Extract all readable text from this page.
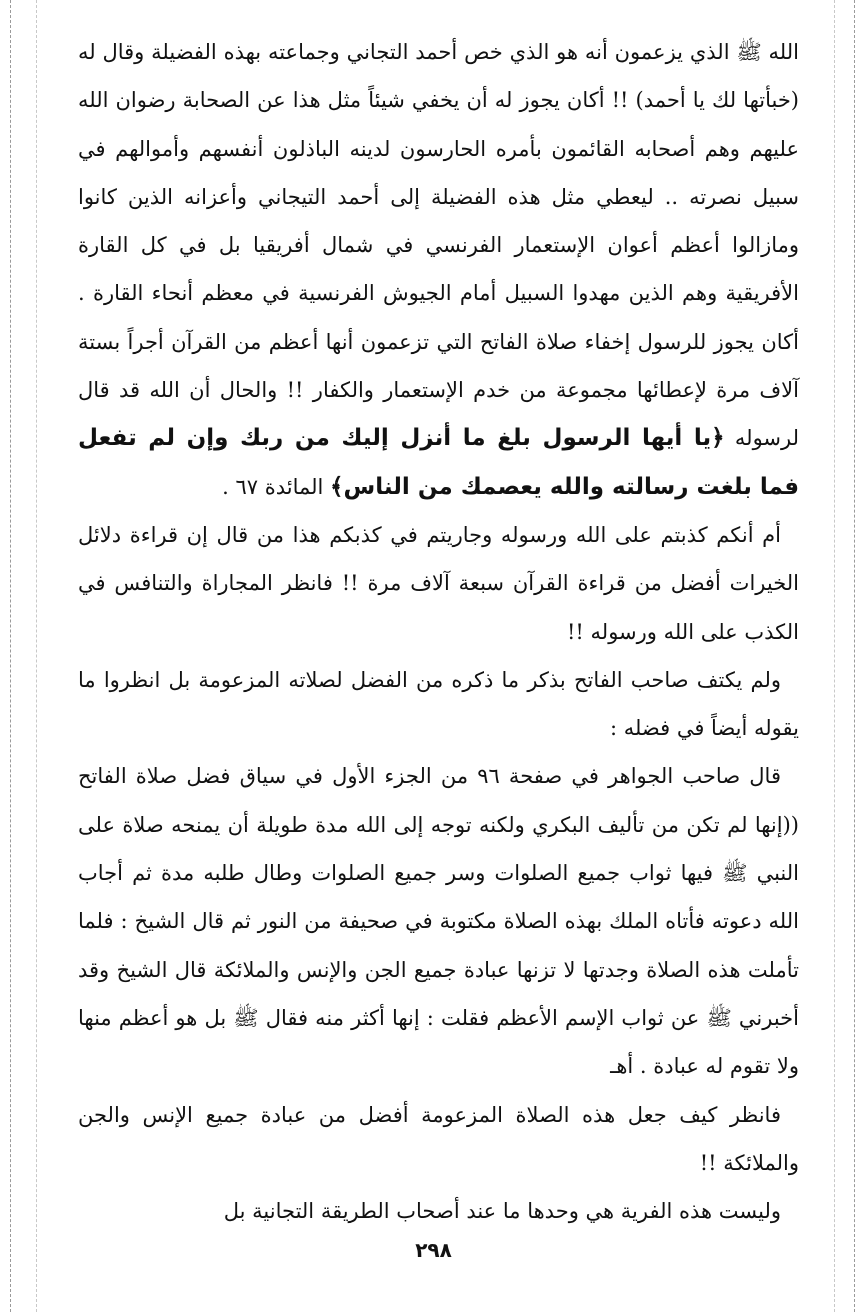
الله ﷺ الذي يزعمون أنه هو الذي خص أحمد التجاني وجماعته بهذه الفضيلة وقال له (خبأتها لك يا أحمد) !! أكان يجوز له أن يخفي شيئاً مثل هذا عن الصحابة رضوان الله عليهم وهم أصحابه القائمون بأمره الحارسون لدينه الباذلون أنفسهم وأموالهم في سبيل نصرته .. ليعطي مثل هذه الفضيلة إلى أحمد التيجاني وأعزانه الذين كانوا ومازالوا أعظم أعوان الإستعمار الفرنسي في شمال أفريقيا بل في كل القارة الأفريقية وهم الذين مهدوا السبيل أمام الجيوش الفرنسية في معظم أنحاء القارة . أكان يجوز للرسول إخفاء صلاة الفاتح التي تزعمون أنها أعظم من القرآن أجراً بستة آلاف مرة لإعطائها مجموعة من خدم الإستعمار والكفار !! والحال أن الله قد قال لرسوله ﴿يا أيها الرسول بلغ ما أنزل إليك من ربك وإن لم تفعل فما بلغت رسالته والله يعصمك من الناس﴾ المائدة ٦٧ .

أم أنكم كذبتم على الله ورسوله وجاريتم في كذبكم هذا من قال إن قراءة دلائل الخيرات أفضل من قراءة القرآن سبعة آلاف مرة !! فانظر المجاراة والتنافس في الكذب على الله ورسوله !!

ولم يكتف صاحب الفاتح بذكر ما ذكره من الفضل لصلاته المزعومة بل انظروا ما يقوله أيضاً في فضله :

قال صاحب الجواهر في صفحة ٩٦ من الجزء الأول في سياق فضل صلاة الفاتح ((إنها لم تكن من تأليف البكري ولكنه توجه إلى الله مدة طويلة أن يمنحه صلاة على النبي ﷺ فيها ثواب جميع الصلوات وسر جميع الصلوات وطال طلبه مدة ثم أجاب الله دعوته فأتاه الملك بهذه الصلاة مكتوبة في صحيفة من النور ثم قال الشيخ : فلما تأملت هذه الصلاة وجدتها لا تزنها عبادة جميع الجن والإنس والملائكة قال الشيخ وقد أخبرني ﷺ عن ثواب الإسم الأعظم فقلت : إنها أكثر منه فقال ﷺ بل هو أعظم منها ولا تقوم له عبادة . أهـ

فانظر كيف جعل هذه الصلاة المزعومة أفضل من عبادة جميع الإنس والجن والملائكة !!

وليست هذه الفرية هي وحدها ما عند أصحاب الطريقة التجانية بل

٢٩٨
